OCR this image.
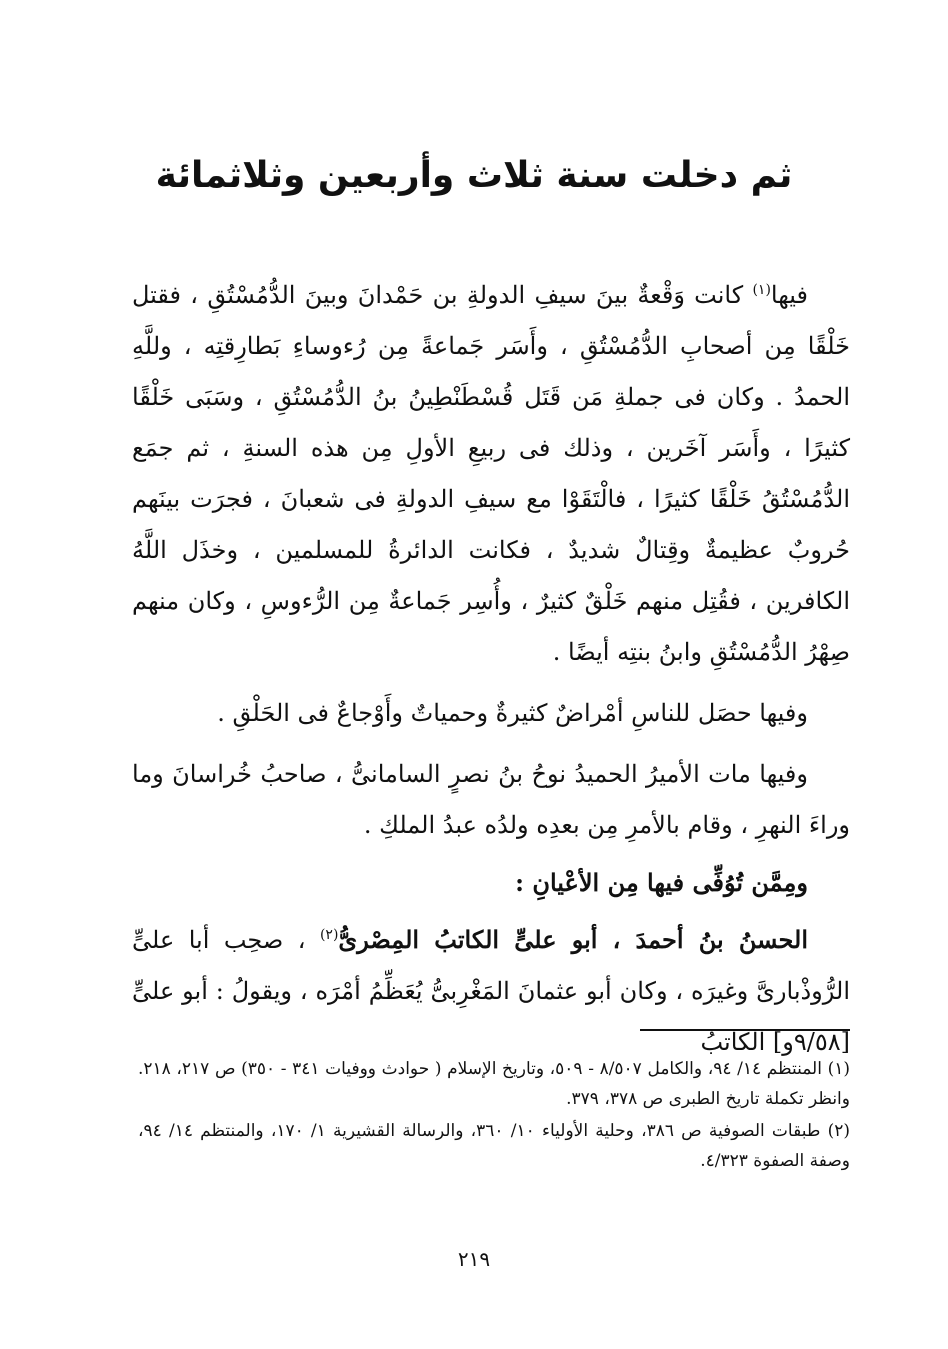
ثم دخلت سنة ثلاث وأربعين وثلاثمائة

فيها$^{(١)}$ كانت وَقْعةٌ بينَ سيفِ الدولةِ بن حَمْدانَ وبينَ الدُّمُسْتُقِ ، فقتل خَلْقًا مِن أصحابِ الدُّمُسْتُقِ ، وأَسَر جَماعةً مِن رُءوساءِ بَطارِقتِه ، وللَّهِ الحمدُ . وكان فى جملةِ مَن قَتَل قُسْطَنْطِينُ بنُ الدُّمُسْتُقِ ، وسَبَى خَلْقًا كثيرًا ، وأَسَر آخَرين ، وذلك فى ربيعِ الأولِ مِن هذه السنةِ ، ثم جمَع الدُّمُسْتُقُ خَلْقًا كثيرًا ، فالْتَقَوْا مع سيفِ الدولةِ فى شعبانَ ، فجرَت بينَهم حُروبٌ عظيمةٌ وقِتالٌ شديدٌ ، فكانت الدائرةُ للمسلمين ، وخذَل اللَّهُ الكافرين ، فقُتِل منهم خَلْقٌ كثيرٌ ، وأُسِر جَماعةٌ مِن الرُّءوسِ ، وكان منهم صِهْرُ الدُّمُسْتُقِ وابنُ بنتِه أيضًا .

وفيها حصَل للناسِ أمْراضٌ كثيرةٌ وحمياتٌ وأَوْجاعٌ فى الحَلْقِ .

وفيها مات الأميرُ الحميدُ نوحُ بنُ نصرٍ السامانىُّ ، صاحبُ خُراسانَ وما وراءَ النهرِ ، وقام بالأمرِ مِن بعدِه ولدُه عبدُ الملكِ .

ومِمَّن تُوُفِّى فيها مِن الأعْيانِ :

الحسنُ بنُ أحمدَ ، أبو علىٍّ الكاتبُ المِصْرىُّ$^{(٢)}$ ، صحِب أبا علىٍّ الرُّوذْبارىَّ وغيرَه ، وكان أبو عثمانَ المَغْرِبىُّ يُعَظِّمُ أمْرَه ، ويقولُ : أبو علىٍّ [٩/٥٨و] الكاتبُ

(١) المنتظم ١٤/ ٩٤، والكامل ٨/٥٠٧ - ٥٠٩، وتاريخ الإسلام ( حوادث ووفيات ٣٤١ - ٣٥٠) ص ٢١٧، ٢١٨. وانظر تكملة تاريخ الطبرى ص ٣٧٨، ٣٧٩.

(٢) طبقات الصوفية ص ٣٨٦، وحلية الأولياء ١٠/ ٣٦٠، والرسالة القشيرية ١/ ١٧٠، والمنتظم ١٤/ ٩٤، وصفة الصفوة ٤/٣٢٣.

٢١٩
